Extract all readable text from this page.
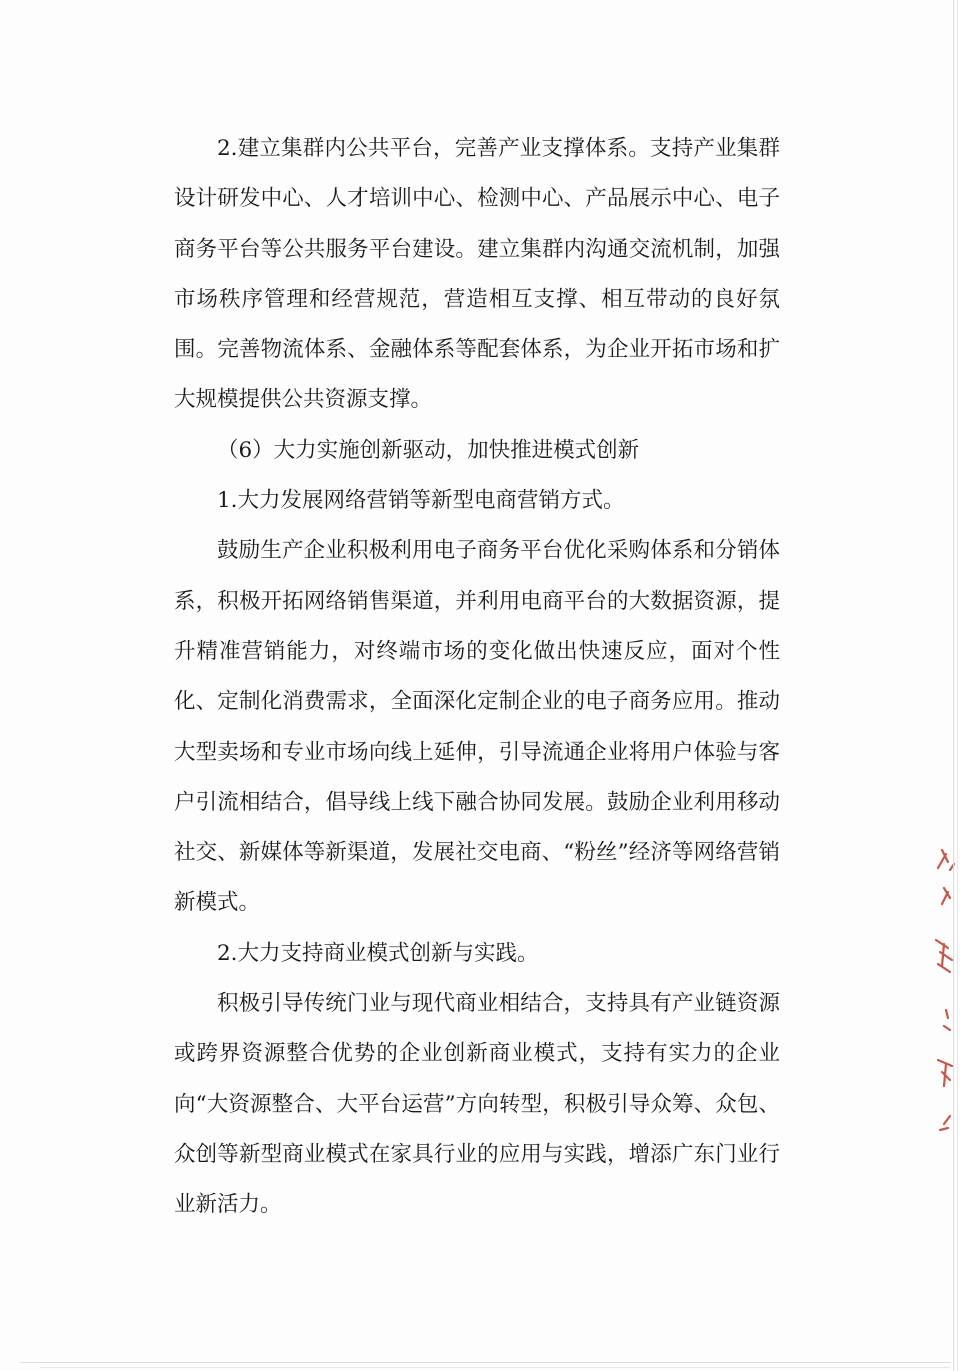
2.建立集群内公共平台，完善产业支撑体系。支持产业集群设计研发中心、人才培训中心、检测中心、产品展示中心、电子商务平台等公共服务平台建设。建立集群内沟通交流机制，加强市场秩序管理和经营规范，营造相互支撑、相互带动的良好氛围。完善物流体系、金融体系等配套体系，为企业开拓市场和扩大规模提供公共资源支撑。

（6）大力实施创新驱动，加快推进模式创新

1.大力发展网络营销等新型电商营销方式。

鼓励生产企业积极利用电子商务平台优化采购体系和分销体系，积极开拓网络销售渠道，并利用电商平台的大数据资源，提升精准营销能力，对终端市场的变化做出快速反应，面对个性化、定制化消费需求，全面深化定制企业的电子商务应用。推动大型卖场和专业市场向线上延伸，引导流通企业将用户体验与客户引流相结合，倡导线上线下融合协同发展。鼓励企业利用移动社交、新媒体等新渠道，发展社交电商、“粉丝”经济等网络营销新模式。

2.大力支持商业模式创新与实践。

积极引导传统门业与现代商业相结合，支持具有产业链资源或跨界资源整合优势的企业创新商业模式，支持有实力的企业向“大资源整合、大平台运营”方向转型，积极引导众筹、众包、众创等新型商业模式在家具行业的应用与实践，增添广东门业行业新活力。
